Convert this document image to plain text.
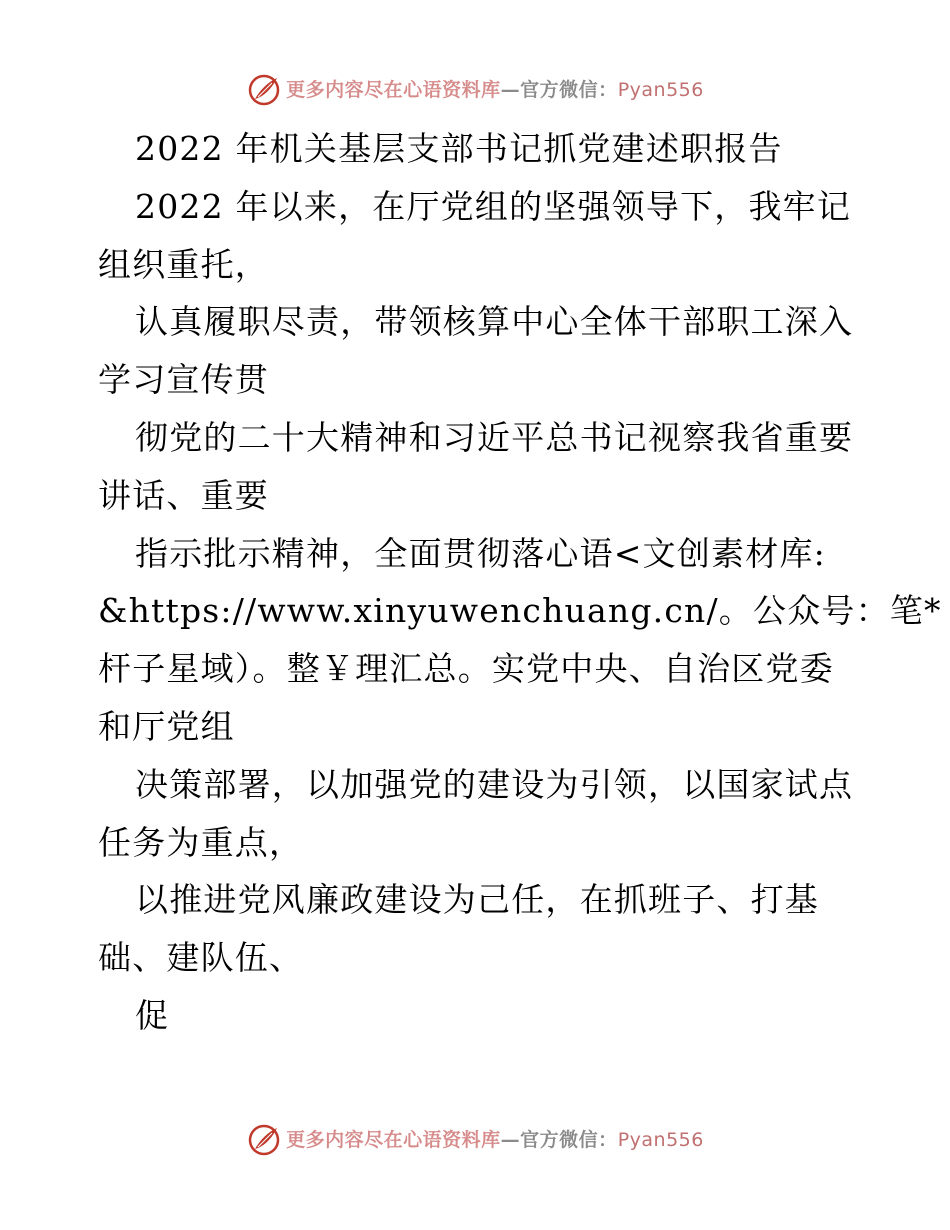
更多内容尽在心语资料库—官方微信：Pyan556
2022 年机关基层支部书记抓党建述职报告
2022 年以来，在厅党组的坚强领导下，我牢记
组织重托，
认真履职尽责，带领核算中心全体干部职工深入
学习宣传贯
彻党的二十大精神和习近平总书记视察我省重要
讲话、重要
指示批示精神，全面贯彻落心语<文创素材库:
&https://www.xinyuwenchuang.cn/。公众号：笔*
杆子星域）。整￥理汇总。实党中央、自治区党委
和厅党组
决策部署，以加强党的建设为引领，以国家试点
任务为重点，
以推进党风廉政建设为己任，在抓班子、打基
础、建队伍、
促
更多内容尽在心语资料库—官方微信：Pyan556
